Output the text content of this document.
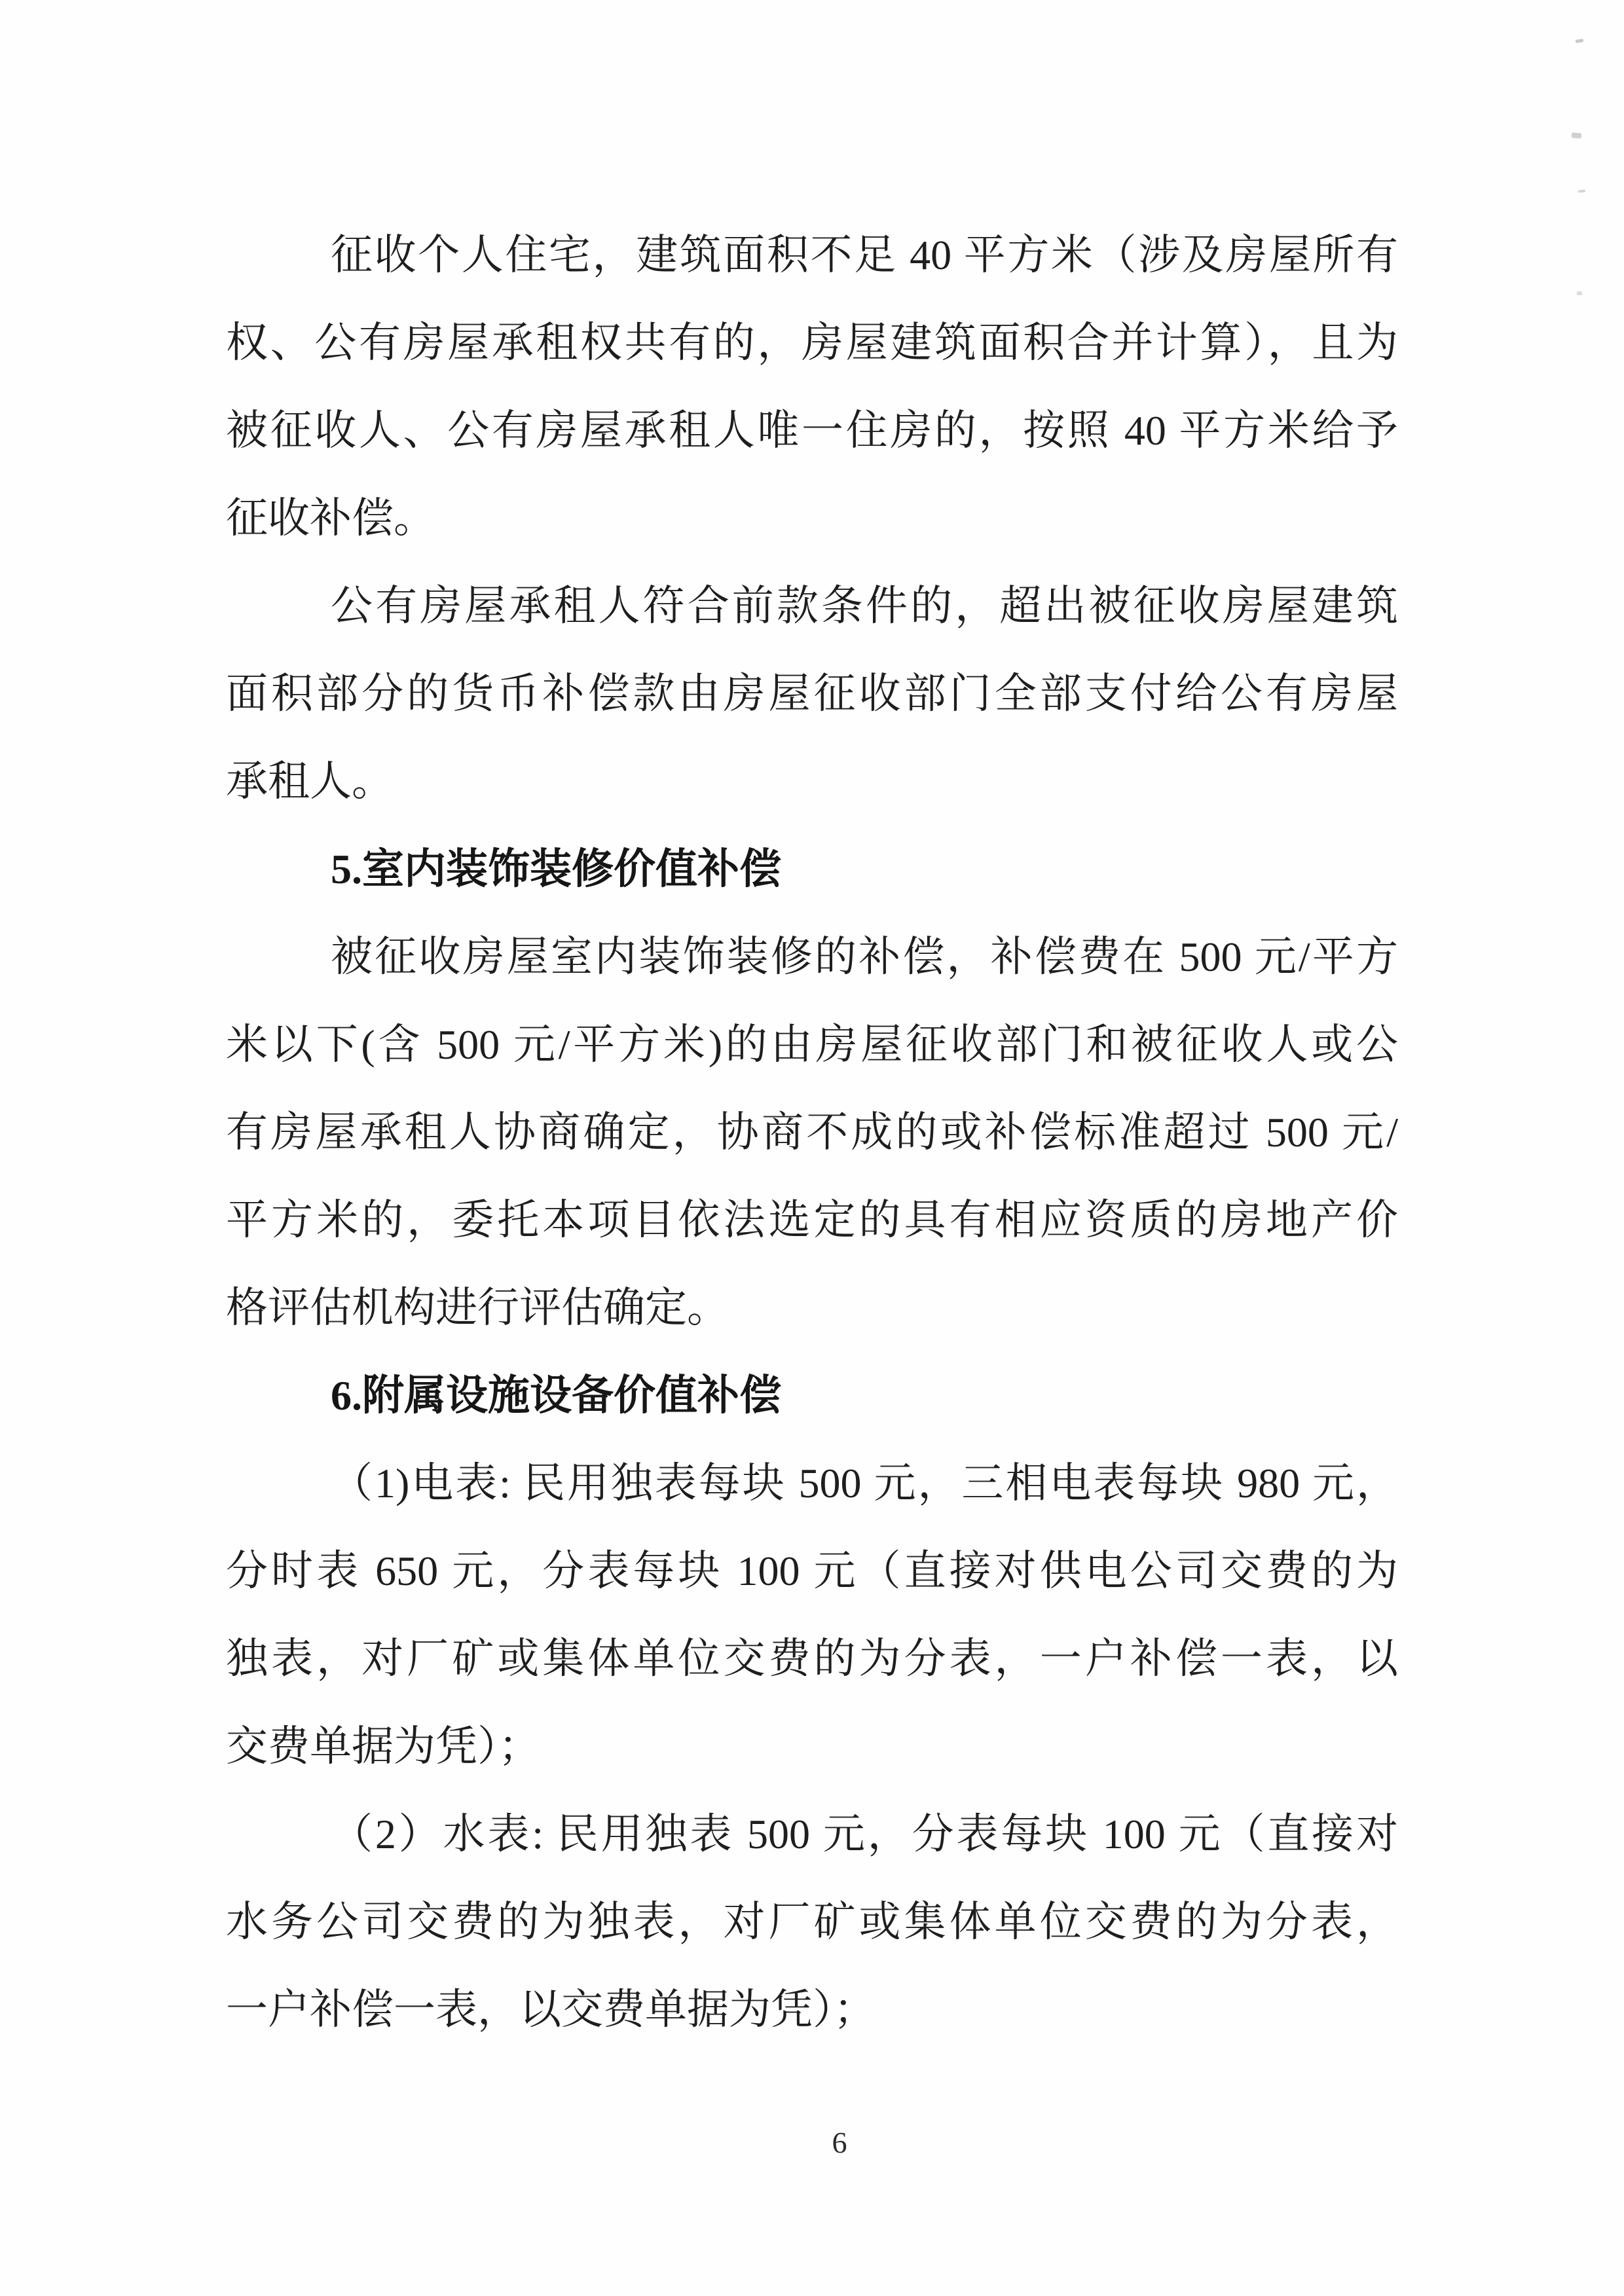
征收个人住宅，建筑面积不足 40 平方米（涉及房屋所有
权、公有房屋承租权共有的，房屋建筑面积合并计算），且为
被征收人、公有房屋承租人唯一住房的，按照 40 平方米给予
征收补偿。
公有房屋承租人符合前款条件的，超出被征收房屋建筑
面积部分的货币补偿款由房屋征收部门全部支付给公有房屋
承租人。
5.室内装饰装修价值补偿
被征收房屋室内装饰装修的补偿，补偿费在 500 元/平方
米以下(含 500 元/平方米)的由房屋征收部门和被征收人或公
有房屋承租人协商确定，协商不成的或补偿标准超过 500 元/
平方米的，委托本项目依法选定的具有相应资质的房地产价
格评估机构进行评估确定。
6.附属设施设备价值补偿
（1)电表: 民用独表每块 500 元，三相电表每块 980 元，
分时表 650 元，分表每块 100 元（直接对供电公司交费的为
独表，对厂矿或集体单位交费的为分表，一户补偿一表，以
交费单据为凭）；
（2）水表: 民用独表 500 元，分表每块 100 元（直接对
水务公司交费的为独表，对厂矿或集体单位交费的为分表，
一户补偿一表，以交费单据为凭）；
6
